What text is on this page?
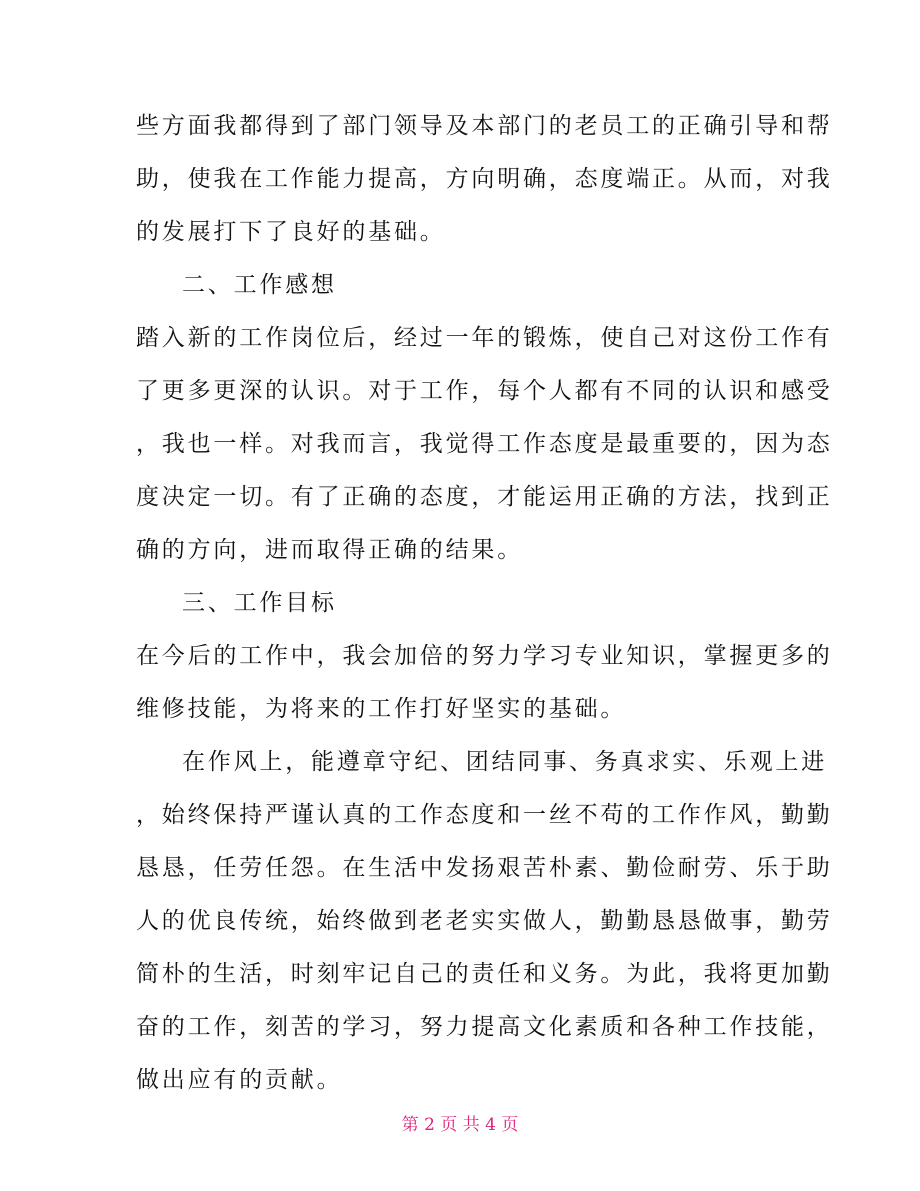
些方面我都得到了部门领导及本部门的老员工的正确引导和帮
助，使我在工作能力提高，方向明确，态度端正。从而，对我
的发展打下了良好的基础。
二、工作感想
踏入新的工作岗位后，经过一年的锻炼，使自己对这份工作有
了更多更深的认识。对于工作，每个人都有不同的认识和感受
，我也一样。对我而言，我觉得工作态度是最重要的，因为态
度决定一切。有了正确的态度，才能运用正确的方法，找到正
确的方向，进而取得正确的结果。
三、工作目标
在今后的工作中，我会加倍的努力学习专业知识，掌握更多的
维修技能，为将来的工作打好坚实的基础。
在作风上，能遵章守纪、团结同事、务真求实、乐观上进
，始终保持严谨认真的工作态度和一丝不苟的工作作风，勤勤
恳恳，任劳任怨。在生活中发扬艰苦朴素、勤俭耐劳、乐于助
人的优良传统，始终做到老老实实做人，勤勤恳恳做事，勤劳
简朴的生活，时刻牢记自己的责任和义务。为此，我将更加勤
奋的工作，刻苦的学习，努力提高文化素质和各种工作技能，
做出应有的贡献。
第 2 页 共 4 页
